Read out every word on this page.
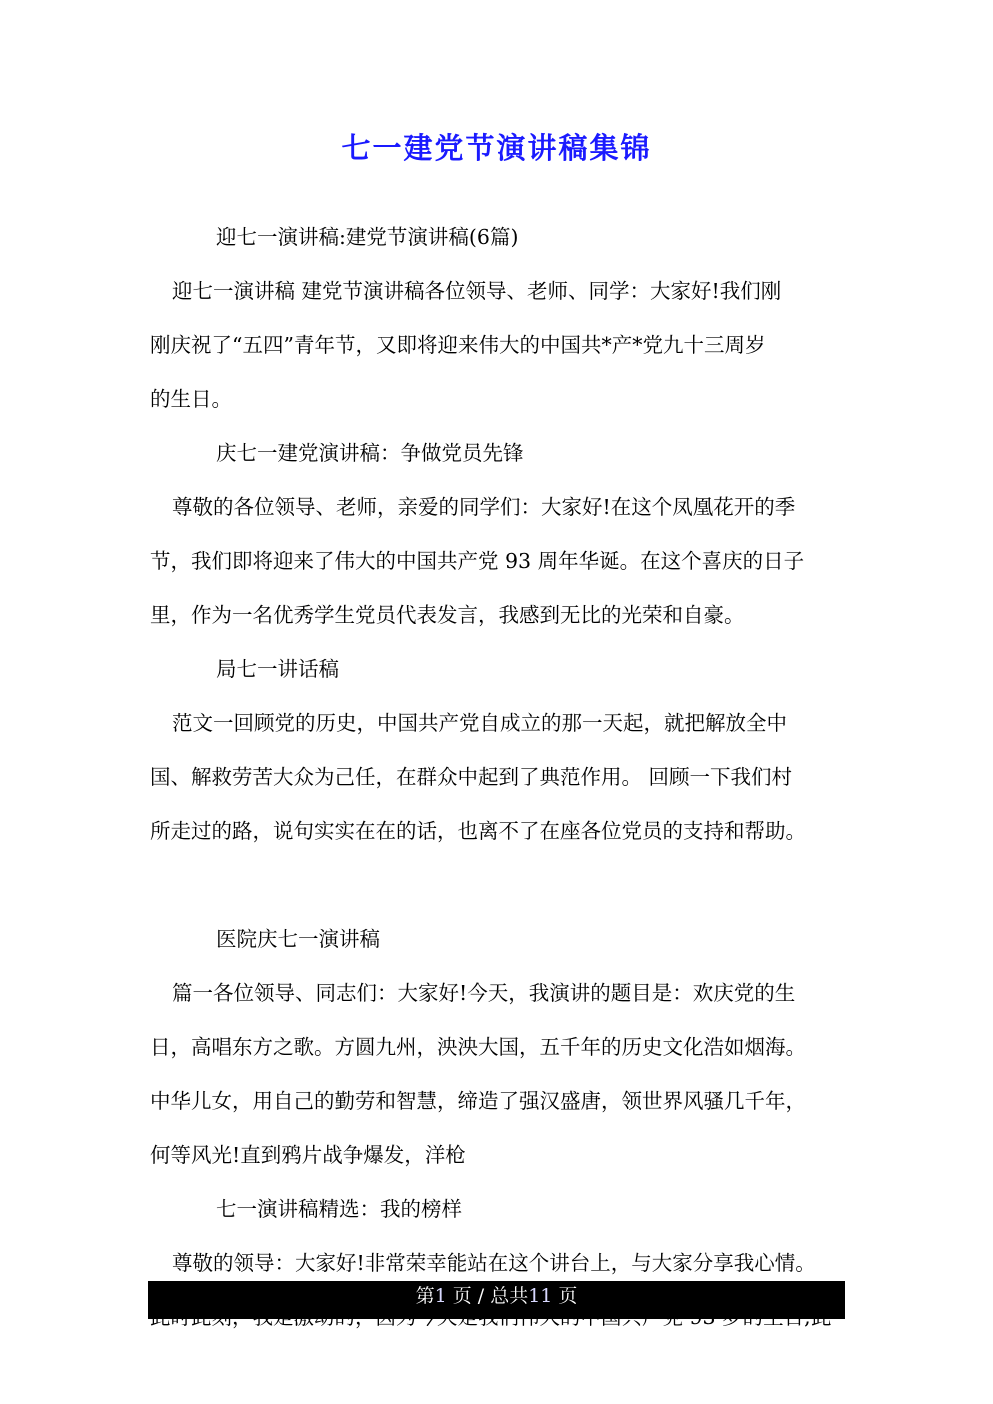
七一建党节演讲稿集锦
迎七一演讲稿:建党节演讲稿(6篇)
迎七一演讲稿 建党节演讲稿各位领导、老师、同学：大家好!我们刚
刚庆祝了“五四”青年节，又即将迎来伟大的中国共*产*党九十三周岁
的生日。
庆七一建党演讲稿：争做党员先锋
尊敬的各位领导、老师，亲爱的同学们：大家好!在这个凤凰花开的季
节，我们即将迎来了伟大的中国共产党 93 周年华诞。在这个喜庆的日子
里，作为一名优秀学生党员代表发言，我感到无比的光荣和自豪。
局七一讲话稿
范文一回顾党的历史，中国共产党自成立的那一天起，就把解放全中
国、解救劳苦大众为己任，在群众中起到了典范作用。 回顾一下我们村
所走过的路，说句实实在在的话，也离不了在座各位党员的支持和帮助。
医院庆七一演讲稿
篇一各位领导、同志们：大家好!今天，我演讲的题目是：欢庆党的生
日，高唱东方之歌。方圆九州，泱泱大国，五千年的历史文化浩如烟海。
中华儿女，用自己的勤劳和智慧，缔造了强汉盛唐，领世界风骚几千年，
何等风光!直到鸦片战争爆发，洋枪
七一演讲稿精选：我的榜样
尊敬的领导：大家好!非常荣幸能站在这个讲台上，与大家分享我心情。
第1 页 / 总共11 页
